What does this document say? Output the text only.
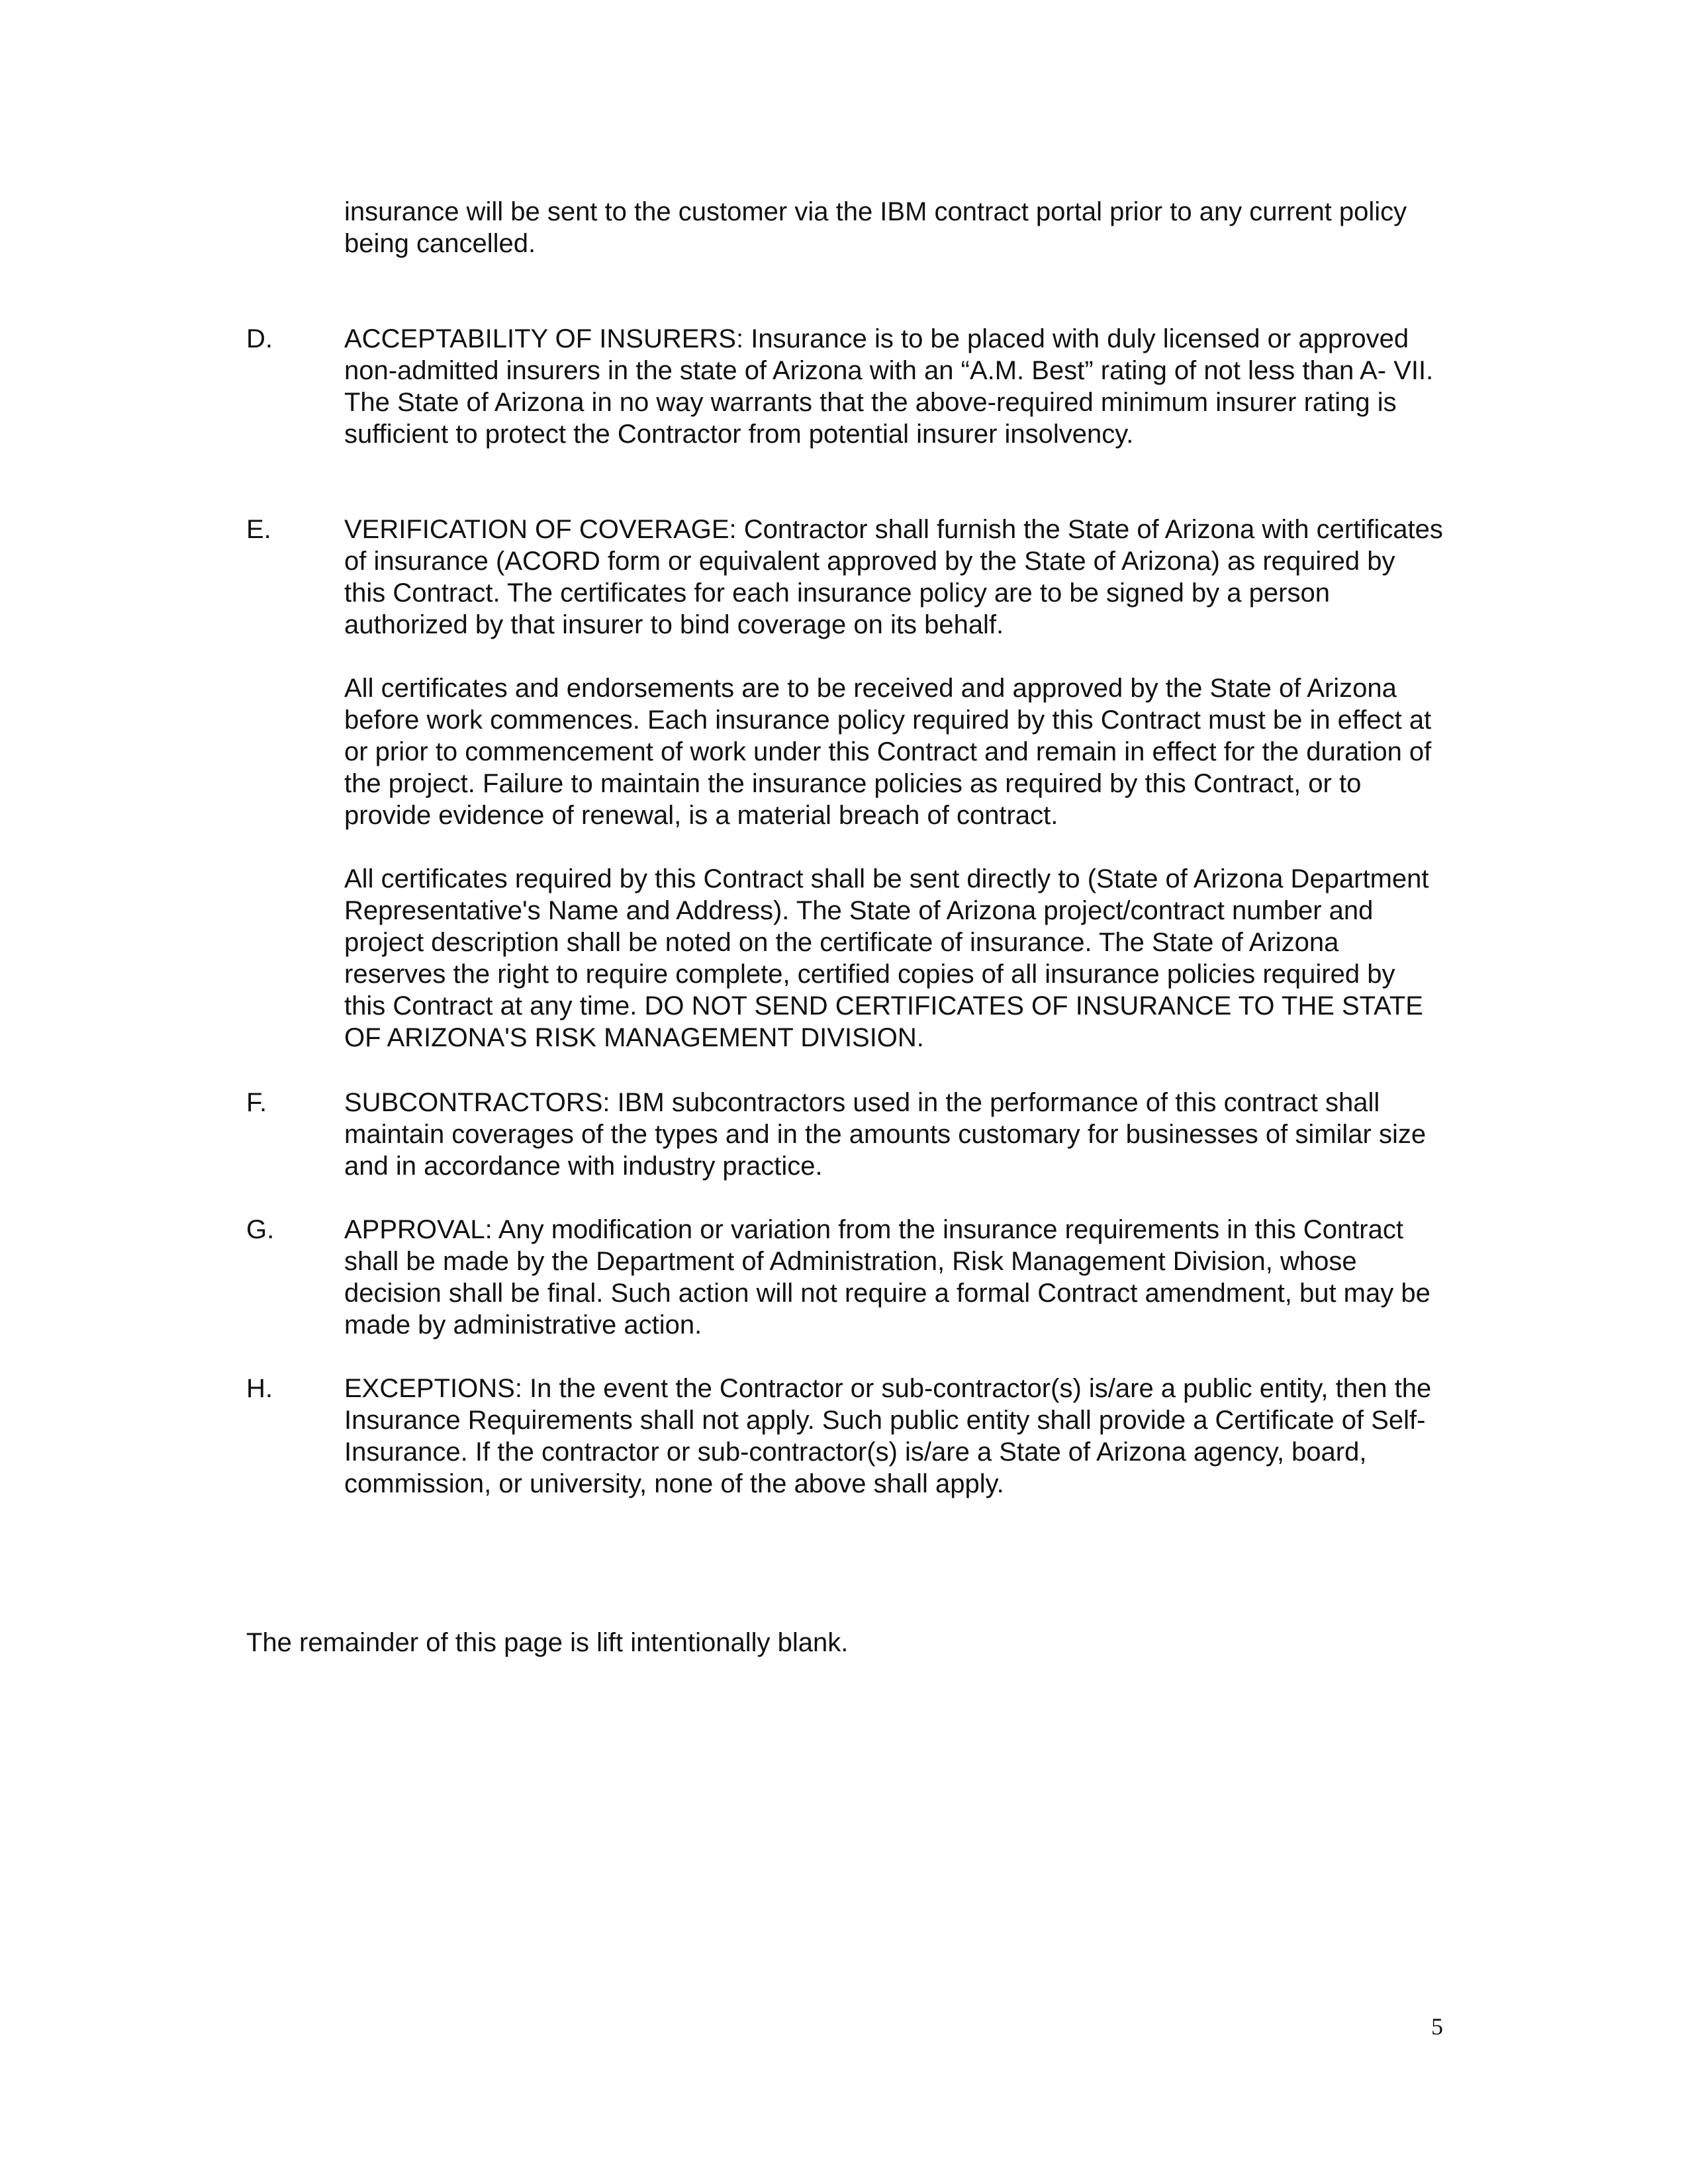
insurance will be sent to the customer via the IBM contract portal prior to any current policy being cancelled.

D.	ACCEPTABILITY OF INSURERS: Insurance is to be placed with duly licensed or approved non-admitted insurers in the state of Arizona with an “A.M. Best” rating of not less than A- VII. The State of Arizona in no way warrants that the above-required minimum insurer rating is sufficient to protect the Contractor from potential insurer insolvency.

E.	VERIFICATION OF COVERAGE: Contractor shall furnish the State of Arizona with certificates of insurance (ACORD form or equivalent approved by the State of Arizona) as required by this Contract. The certificates for each insurance policy are to be signed by a person authorized by that insurer to bind coverage on its behalf.

All certificates and endorsements are to be received and approved by the State of Arizona before work commences. Each insurance policy required by this Contract must be in effect at or prior to commencement of work under this Contract and remain in effect for the duration of the project. Failure to maintain the insurance policies as required by this Contract, or to provide evidence of renewal, is a material breach of contract.

All certificates required by this Contract shall be sent directly to (State of Arizona Department Representative's Name and Address). The State of Arizona project/contract number and project description shall be noted on the certificate of insurance. The State of Arizona reserves the right to require complete, certified copies of all insurance policies required by this Contract at any time. DO NOT SEND CERTIFICATES OF INSURANCE TO THE STATE OF ARIZONA'S RISK MANAGEMENT DIVISION.

F.	SUBCONTRACTORS: IBM subcontractors used in the performance of this contract shall maintain coverages of the types and in the amounts customary for businesses of similar size and in accordance with industry practice.

G.	APPROVAL: Any modification or variation from the insurance requirements in this Contract shall be made by the Department of Administration, Risk Management Division, whose decision shall be final. Such action will not require a formal Contract amendment, but may be made by administrative action.

H.	EXCEPTIONS: In the event the Contractor or sub-contractor(s) is/are a public entity, then the Insurance Requirements shall not apply. Such public entity shall provide a Certificate of Self-Insurance. If the contractor or sub-contractor(s) is/are a State of Arizona agency, board, commission, or university, none of the above shall apply.

The remainder of this page is lift intentionally blank.
5
